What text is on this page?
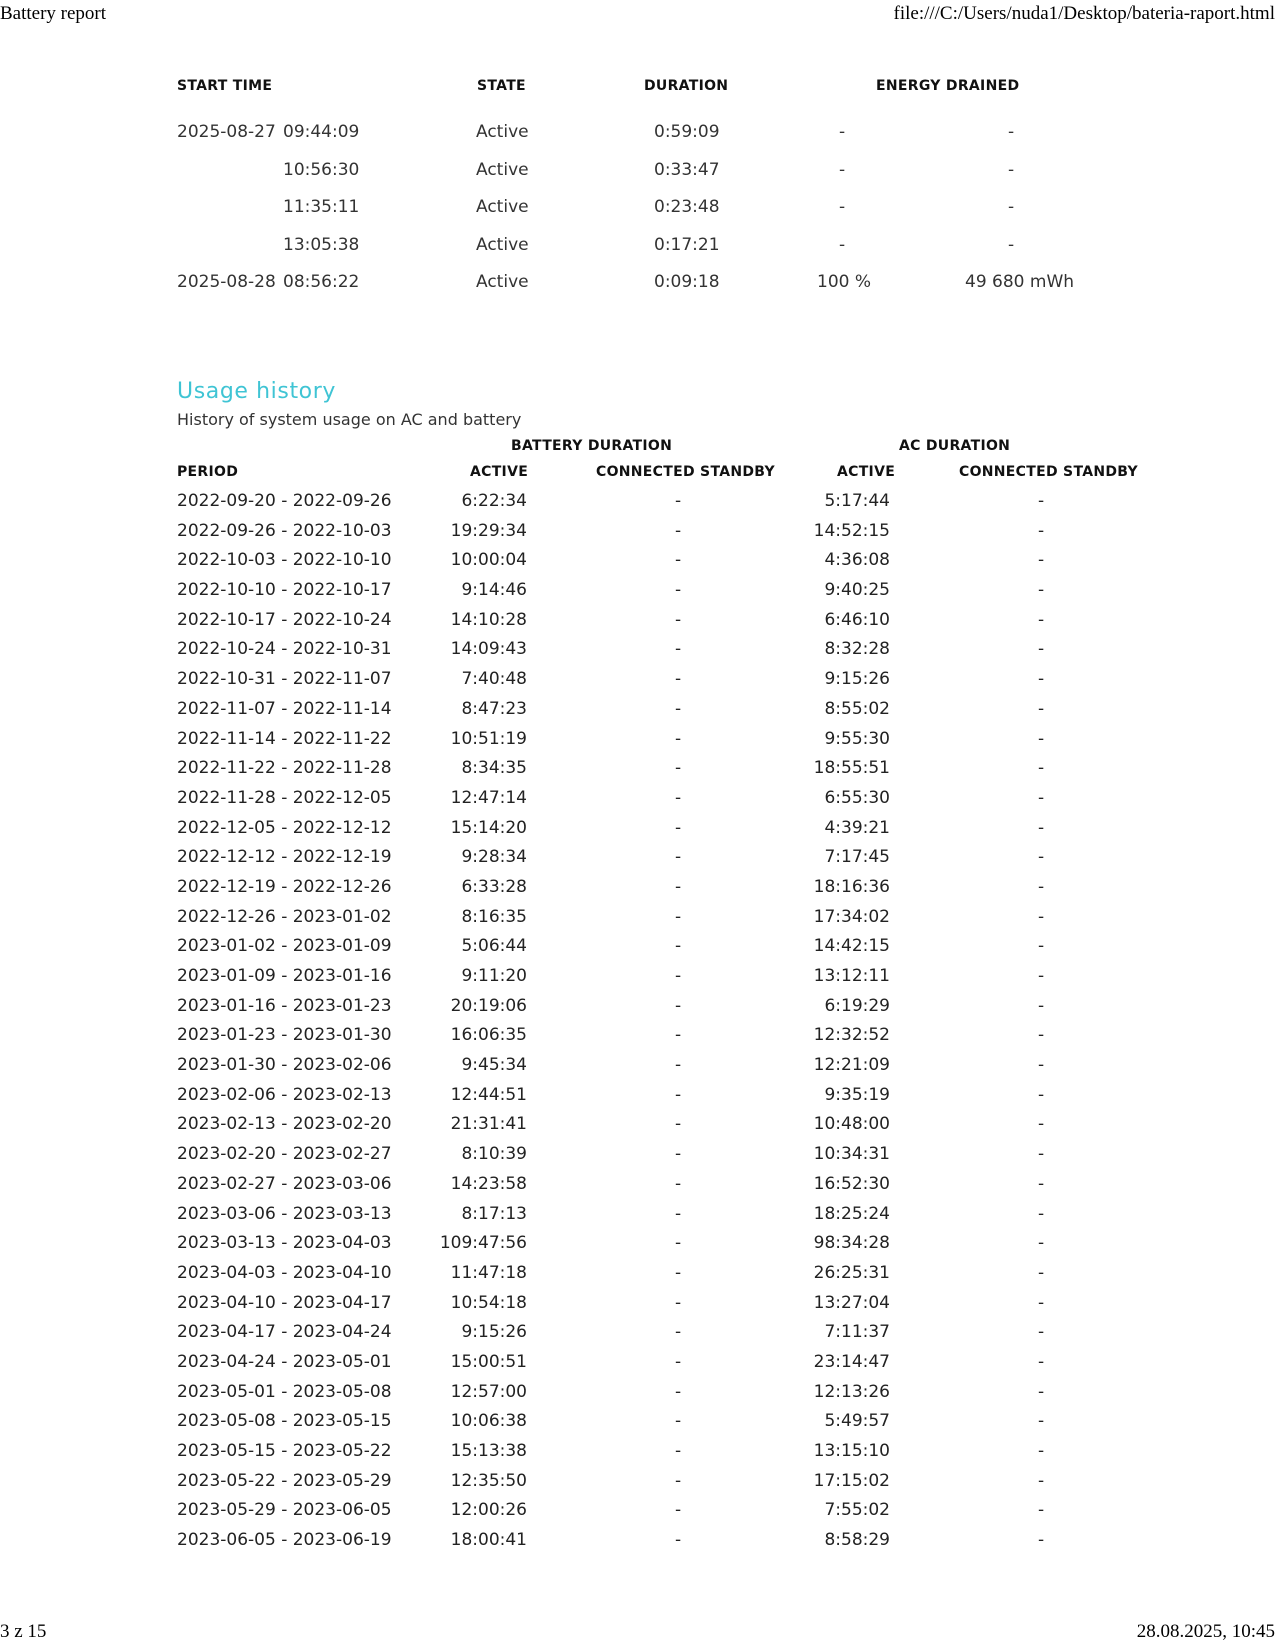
Battery report	file:///C:/Users/nuda1/Desktop/bateria-raport.html
START TIME	STATE	DURATION	ENERGY DRAINED
2025-08-27 09:44:09	Active	0:59:09	-	-
10:56:30	Active	0:33:47	-	-
11:35:11	Active	0:23:48	-	-
13:05:38	Active	0:17:21	-	-
2025-08-28 08:56:22	Active	0:09:18	100 %	49 680 mWh
Usage history
History of system usage on AC and battery
BATTERY DURATION	AC DURATION
PERIOD	ACTIVE	CONNECTED STANDBY	ACTIVE	CONNECTED STANDBY
2022-09-20 - 2022-09-26	6:22:34	-	5:17:44	-
2022-09-26 - 2022-10-03	19:29:34	-	14:52:15	-
2022-10-03 - 2022-10-10	10:00:04	-	4:36:08	-
2022-10-10 - 2022-10-17	9:14:46	-	9:40:25	-
2022-10-17 - 2022-10-24	14:10:28	-	6:46:10	-
2022-10-24 - 2022-10-31	14:09:43	-	8:32:28	-
2022-10-31 - 2022-11-07	7:40:48	-	9:15:26	-
2022-11-07 - 2022-11-14	8:47:23	-	8:55:02	-
2022-11-14 - 2022-11-22	10:51:19	-	9:55:30	-
2022-11-22 - 2022-11-28	8:34:35	-	18:55:51	-
2022-11-28 - 2022-12-05	12:47:14	-	6:55:30	-
2022-12-05 - 2022-12-12	15:14:20	-	4:39:21	-
2022-12-12 - 2022-12-19	9:28:34	-	7:17:45	-
2022-12-19 - 2022-12-26	6:33:28	-	18:16:36	-
2022-12-26 - 2023-01-02	8:16:35	-	17:34:02	-
2023-01-02 - 2023-01-09	5:06:44	-	14:42:15	-
2023-01-09 - 2023-01-16	9:11:20	-	13:12:11	-
2023-01-16 - 2023-01-23	20:19:06	-	6:19:29	-
2023-01-23 - 2023-01-30	16:06:35	-	12:32:52	-
2023-01-30 - 2023-02-06	9:45:34	-	12:21:09	-
2023-02-06 - 2023-02-13	12:44:51	-	9:35:19	-
2023-02-13 - 2023-02-20	21:31:41	-	10:48:00	-
2023-02-20 - 2023-02-27	8:10:39	-	10:34:31	-
2023-02-27 - 2023-03-06	14:23:58	-	16:52:30	-
2023-03-06 - 2023-03-13	8:17:13	-	18:25:24	-
2023-03-13 - 2023-04-03	109:47:56	-	98:34:28	-
2023-04-03 - 2023-04-10	11:47:18	-	26:25:31	-
2023-04-10 - 2023-04-17	10:54:18	-	13:27:04	-
2023-04-17 - 2023-04-24	9:15:26	-	7:11:37	-
2023-04-24 - 2023-05-01	15:00:51	-	23:14:47	-
2023-05-01 - 2023-05-08	12:57:00	-	12:13:26	-
2023-05-08 - 2023-05-15	10:06:38	-	5:49:57	-
2023-05-15 - 2023-05-22	15:13:38	-	13:15:10	-
2023-05-22 - 2023-05-29	12:35:50	-	17:15:02	-
2023-05-29 - 2023-06-05	12:00:26	-	7:55:02	-
2023-06-05 - 2023-06-19	18:00:41	-	8:58:29	-
3 z 15	28.08.2025, 10:45
